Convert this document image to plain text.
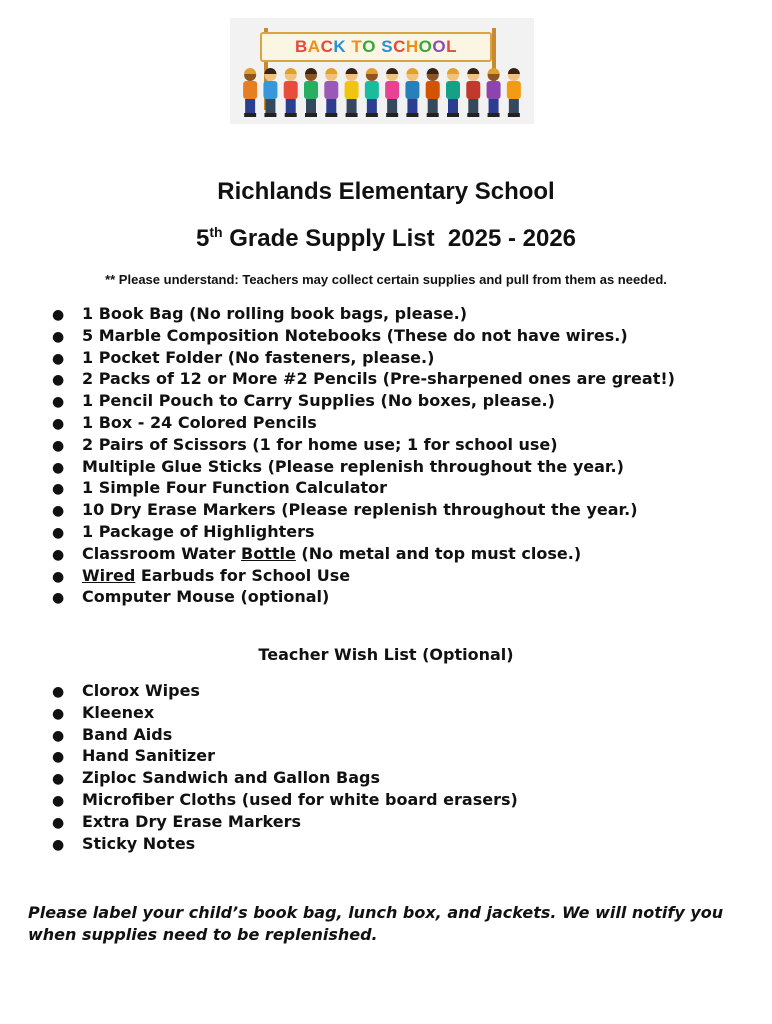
B A C K
T O
S C H O O L
Richlands Elementary School
5th Grade Supply List  2025 - 2026
** Please understand: Teachers may collect certain supplies and pull from them as needed.
● 1 Book Bag (No rolling book bags, please.)
● 5 Marble Composition Notebooks (These do not have wires.)
● 1 Pocket Folder (No fasteners, please.)
● 2 Packs of 12 or More #2 Pencils (Pre-sharpened ones are great!)
● 1 Pencil Pouch to Carry Supplies (No boxes, please.)
● 1 Box - 24 Colored Pencils
● 2 Pairs of Scissors (1 for home use; 1 for school use)
● Multiple Glue Sticks (Please replenish throughout the year.)
● 1 Simple Four Function Calculator
● 10 Dry Erase Markers (Please replenish throughout the year.)
● 1 Package of Highlighters
● Classroom Water Bottle (No metal and top must close.)
● Wired Earbuds for School Use
● Computer Mouse (optional)
Teacher Wish List (Optional)
● Clorox Wipes
● Kleenex
● Band Aids
● Hand Sanitizer
● Ziploc Sandwich and Gallon Bags
● Microfiber Cloths (used for white board erasers)
● Extra Dry Erase Markers
● Sticky Notes
Please label your child’s book bag, lunch box, and jackets. We will notify you when supplies need to be replenished.
